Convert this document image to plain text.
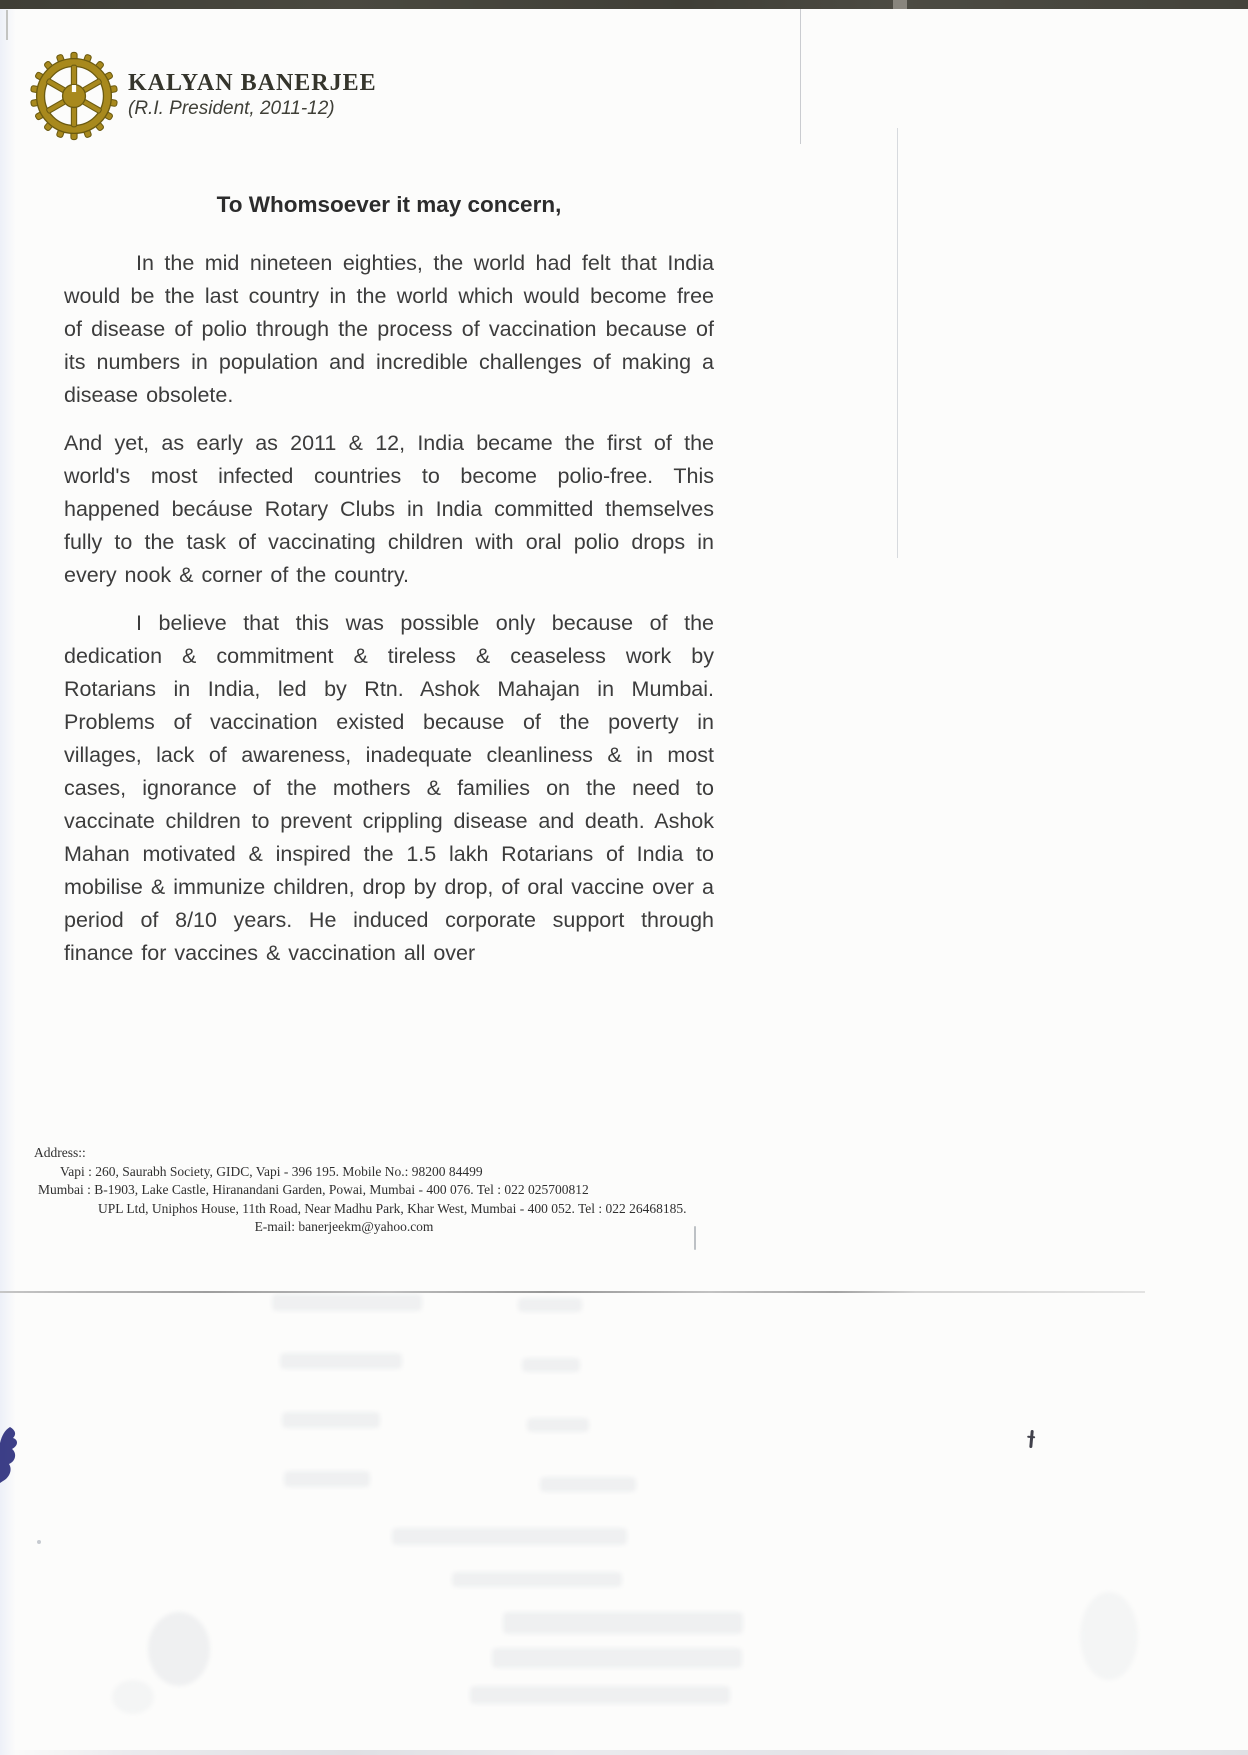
KALYAN BANERJEE
(R.I. President, 2011-12)
To Whomsoever it may concern,

In the mid nineteen eighties, the world had felt that India would be the last country in the world which would become free of disease of polio through the process of vaccination because of its numbers in population and incredible challenges of making a disease obsolete.

And yet, as early as 2011 & 12, India became the first of the world's most infected countries to become polio-free. This happened becáuse Rotary Clubs in India committed themselves fully to the task of vaccinating children with oral polio drops in every nook & corner of the country.

I believe that this was possible only because of the dedication & commitment & tireless & ceaseless work by Rotarians in India, led by Rtn. Ashok Mahajan in Mumbai. Problems of vaccination existed because of the poverty in villages, lack of awareness, inadequate cleanliness & in most cases, ignorance of the mothers & families on the need to vaccinate children to prevent crippling disease and death. Ashok Mahan motivated & inspired the 1.5 lakh Rotarians of India to mobilise & immunize children, drop by drop, of oral vaccine over a period of 8/10 years. He induced corporate support through finance for vaccines & vaccination all over

Address::
Vapi : 260, Saurabh Society, GIDC, Vapi - 396 195. Mobile No.: 98200 84499
Mumbai : B-1903, Lake Castle, Hiranandani Garden, Powai, Mumbai - 400 076. Tel : 022 025700812
UPL Ltd, Uniphos House, 11th Road, Near Madhu Park, Khar West, Mumbai - 400 052. Tel : 022 26468185.
E-mail: banerjeekm@yahoo.com
